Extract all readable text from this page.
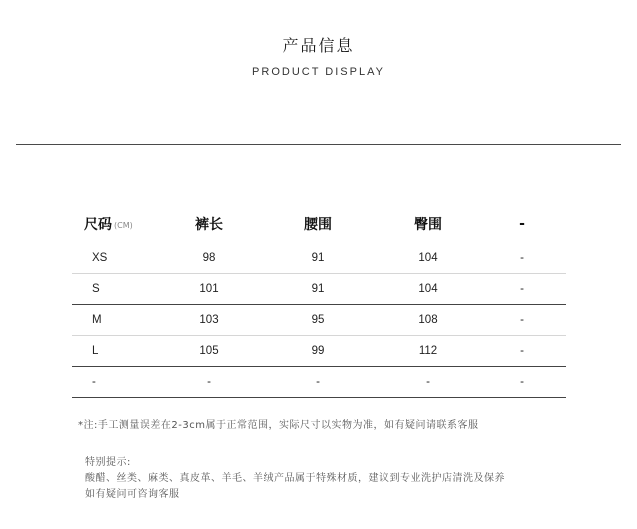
产品信息
PRODUCT DISPLAY
尺码 (CM)	裤长	腰围	臀围	-
XS	98	91	104	-
S	101	91	104	-
M	103	95	108	-
L	105	99	112	-
-	-	-	-	-
*注:手工测量误差在2-3cm属于正常范围，实际尺寸以实物为准，如有疑问请联系客服
特别提示:
酸醋、丝类、麻类、真皮革、羊毛、羊绒产品属于特殊材质，建议到专业洗护店清洗及保养
如有疑问可咨询客服
